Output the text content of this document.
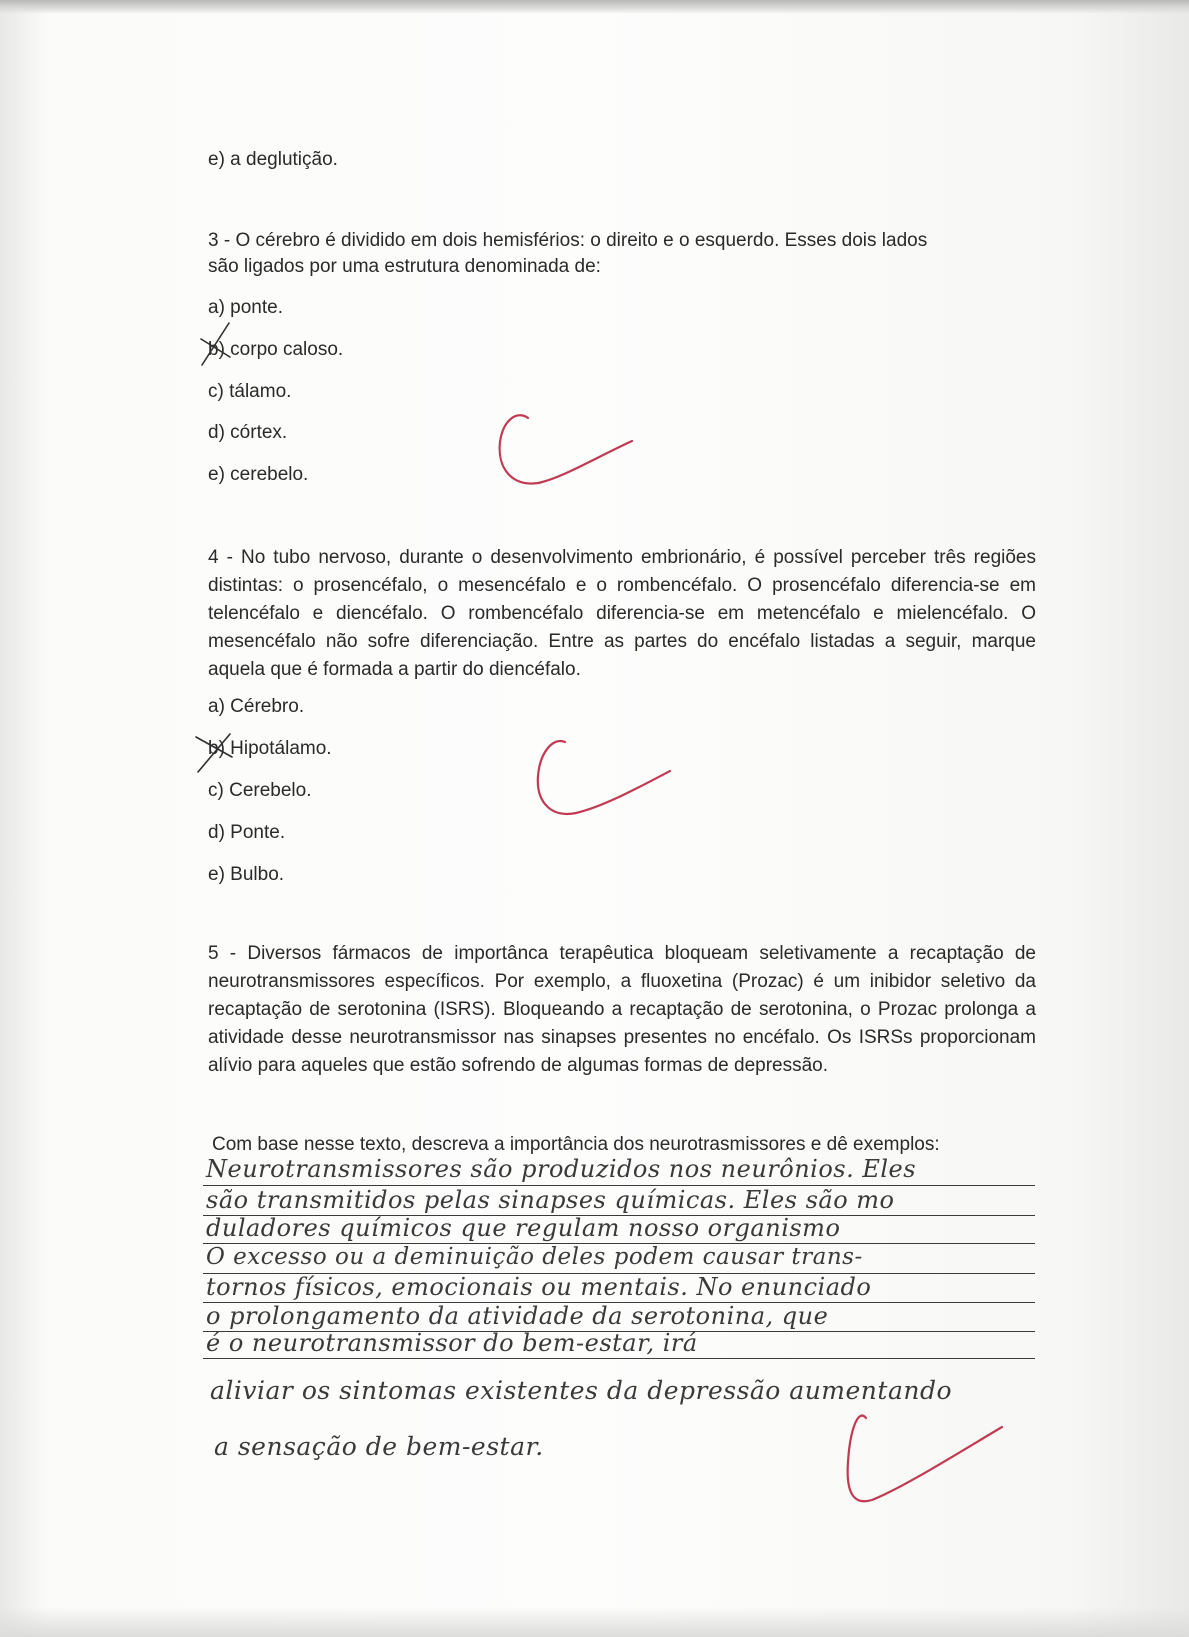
e) a deglutição.
3 - O cérebro é dividido em dois hemisférios: o direito e o esquerdo. Esses dois lados
são ligados por uma estrutura denominada de:
a) ponte.
b) corpo caloso.
c) tálamo.
d) córtex.
e) cerebelo.
4 - No tubo nervoso, durante o desenvolvimento embrionário, é possível perceber três regiões distintas: o prosencéfalo, o mesencéfalo e o rombencéfalo. O prosencéfalo diferencia-se em telencéfalo e diencéfalo. O rombencéfalo diferencia-se em metencéfalo e mielencéfalo. O mesencéfalo não sofre diferenciação. Entre as partes do encéfalo listadas a seguir, marque aquela que é formada a partir do diencéfalo.
a) Cérebro.
b) Hipotálamo.
c) Cerebelo.
d) Ponte.
e) Bulbo.
5 - Diversos fármacos de importânca terapêutica bloqueam seletivamente a recaptação de neurotransmissores específicos. Por exemplo, a fluoxetina (Prozac) é um inibidor seletivo da recaptação de serotonina (ISRS). Bloqueando a recaptação de serotonina, o Prozac prolonga a atividade desse neurotransmissor nas sinapses presentes no encéfalo. Os ISRSs proporcionam alívio para aqueles que estão sofrendo de algumas formas de depressão.
Com base nesse texto, descreva a importância dos neurotrasmissores e dê exemplos:
Neurotransmissores são produzidos nos neurônios. Eles
são transmitidos pelas sinapses químicas. Eles são mo
duladores químicos que regulam nosso organismo
O excesso ou a deminuição deles podem causar trans-
tornos físicos, emocionais ou mentais. No enunciado
o prolongamento da atividade da serotonina, que
é o neurotransmissor do bem-estar, irá
aliviar os sintomas existentes da depressão aumentando
a sensação de bem-estar.
